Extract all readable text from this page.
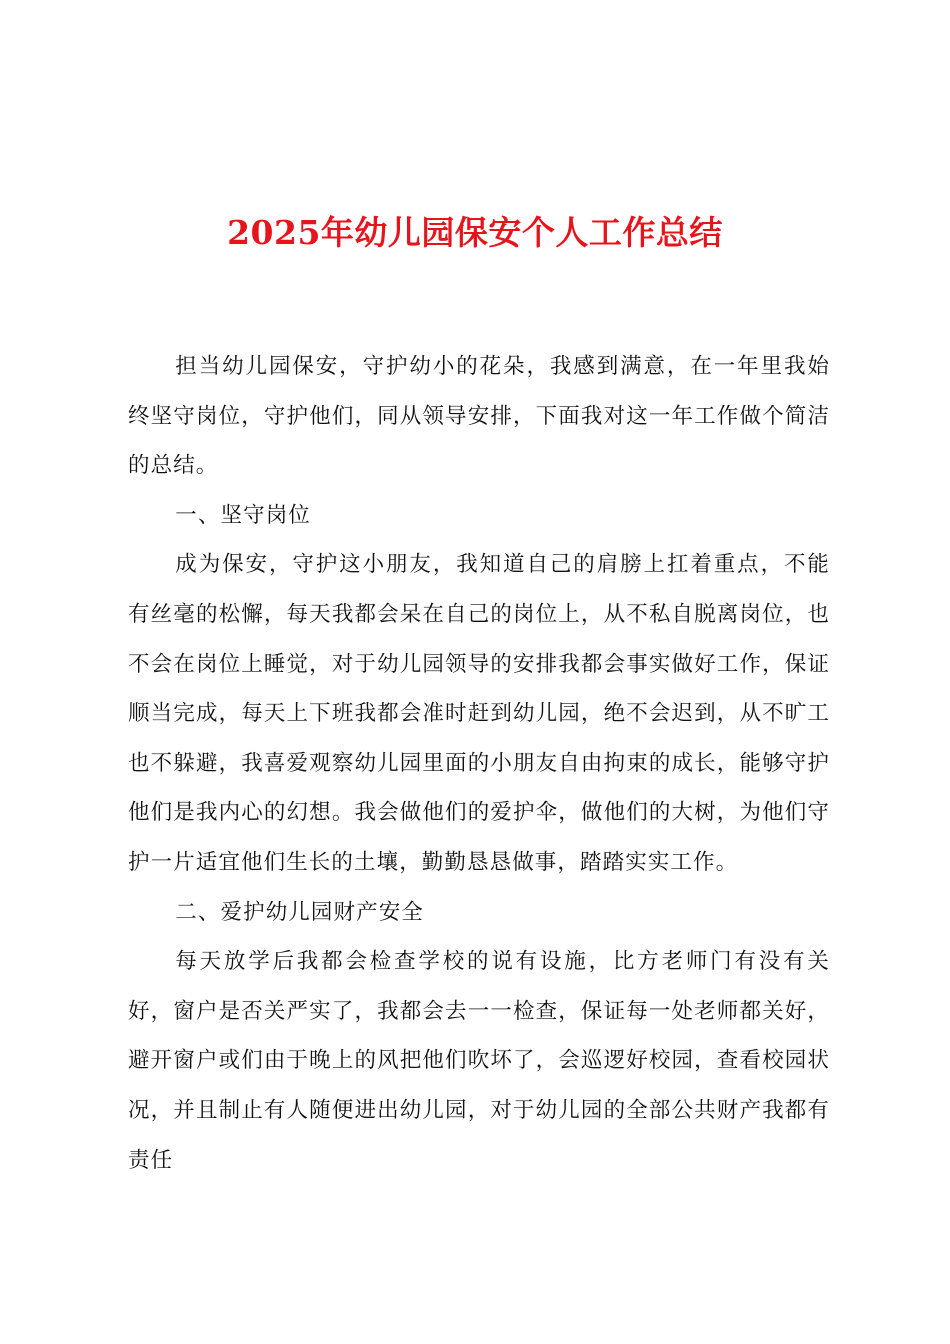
2025年幼儿园保安个人工作总结

担当幼儿园保安，守护幼小的花朵，我感到满意，在一年里我始终坚守岗位，守护他们，同从领导安排，下面我对这一年工作做个简洁的总结。

一、坚守岗位

成为保安，守护这小朋友，我知道自己的肩膀上扛着重点，不能有丝毫的松懈，每天我都会呆在自己的岗位上，从不私自脱离岗位，也不会在岗位上睡觉，对于幼儿园领导的安排我都会事实做好工作，保证顺当完成，每天上下班我都会准时赶到幼儿园，绝不会迟到，从不旷工也不躲避，我喜爱观察幼儿园里面的小朋友自由拘束的成长，能够守护他们是我内心的幻想。我会做他们的爱护伞，做他们的大树，为他们守护一片适宜他们生长的土壤，勤勤恳恳做事，踏踏实实工作。

二、爱护幼儿园财产安全

每天放学后我都会检查学校的说有设施，比方老师门有没有关好，窗户是否关严实了，我都会去一一检查，保证每一处老师都关好，避开窗户或们由于晚上的风把他们吹坏了，会巡逻好校园，查看校园状况，并且制止有人随便进出幼儿园，对于幼儿园的全部公共财产我都有责任
